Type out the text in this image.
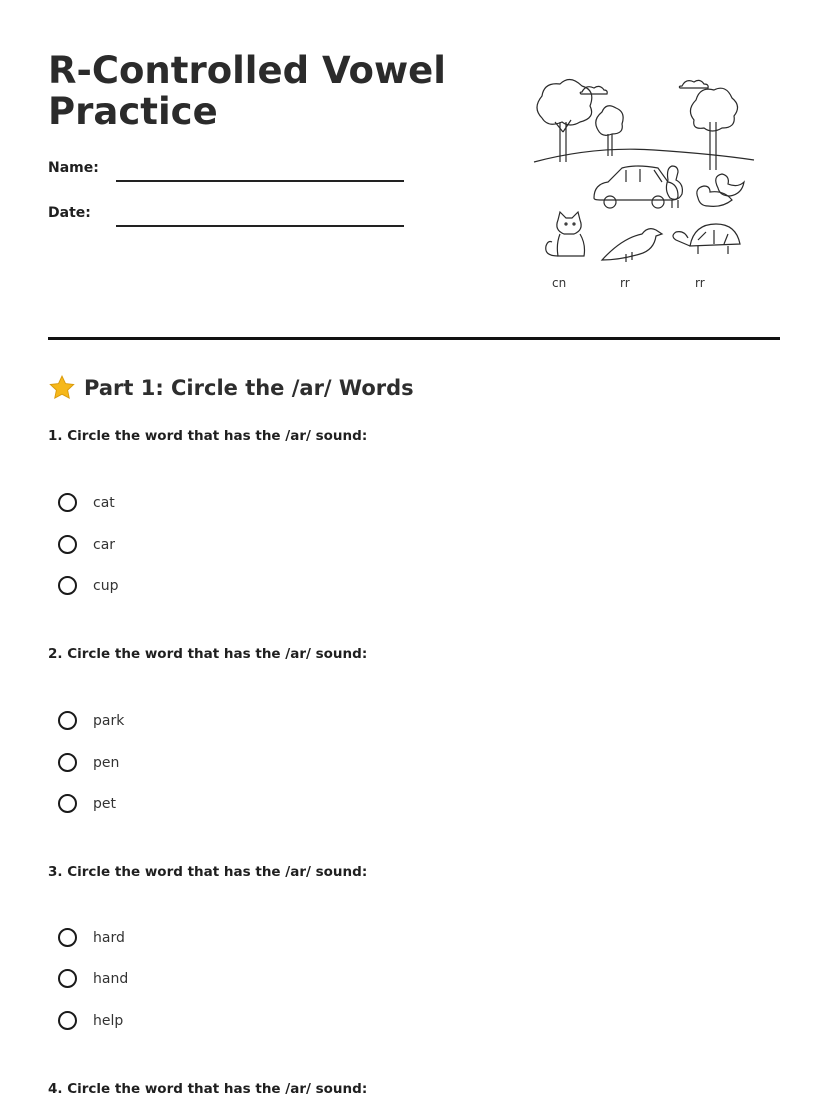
R-Controlled Vowel Practice
Name:
Date:
cn	rr	rr
Part 1: Circle the /ar/ Words
1. Circle the word that has the /ar/ sound:
cat
car
cup
2. Circle the word that has the /ar/ sound:
park
pen
pet
3. Circle the word that has the /ar/ sound:
hard
hand
help
4. Circle the word that has the /ar/ sound:
